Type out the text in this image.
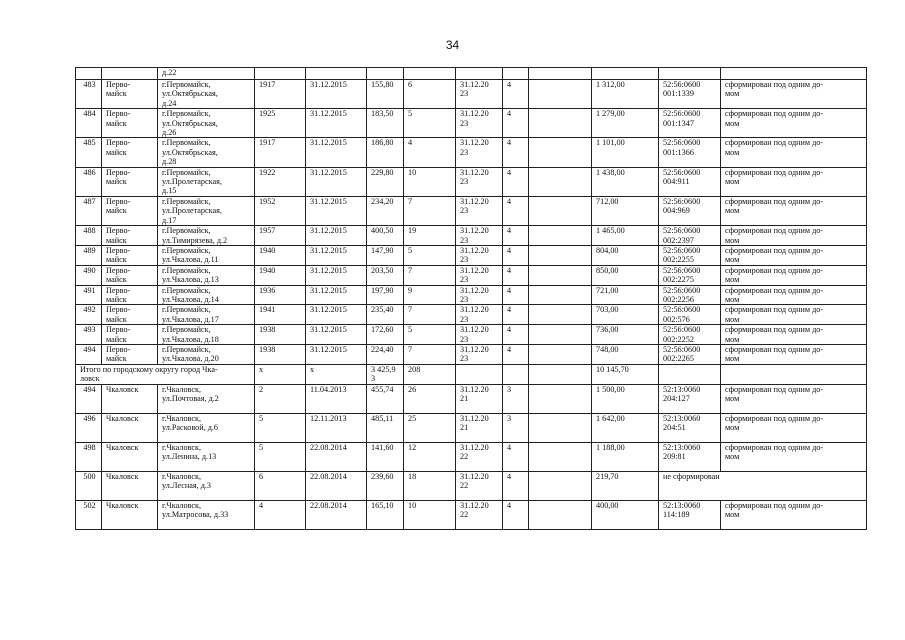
34
		д.22										
483	Перво-
майск	г.Первомайск,
ул.Октябрьская,
д.24	1917	31.12.2015	155,80	6	31.12.20
23	4		1 312,00	52:56:0600
001:1339	сформирован под одним до-
мом
484	Перво-
майск	г.Первомайск,
ул.Октябрьская,
д.26	1925	31.12.2015	183,50	5	31.12.20
23	4		1 279,00	52:56:0600
001:1347	сформирован под одним до-
мом
485	Перво-
майск	г.Первомайск,
ул.Октябрьская,
д.28	1917	31.12.2015	186,80	4	31.12.20
23	4		1 101,00	52:56:0600
001:1366	сформирован под одним до-
мом
486	Перво-
майск	г.Первомайск,
ул.Пролетарская,
д.15	1922	31.12.2015	229,80	10	31.12.20
23	4		1 438,00	52:56:0600
004:911	сформирован под одним до-
мом
487	Перво-
майск	г.Первомайск,
ул.Пролетарская,
д.17	1952	31.12.2015	234,20	7	31.12.20
23	4		712,00	52:56:0600
004:969	сформирован под одним до-
мом
488	Перво-
майск	г.Первомайск,
ул.Тимирязева, д.2	1957	31.12.2015	400,50	19	31.12.20
23	4		1 465,00	52:56:0600
002:2397	сформирован под одним до-
мом
489	Перво-
майск	г.Первомайск,
ул.Чкалова, д.11	1940	31.12.2015	147,90	5	31.12.20
23	4		804,00	52:56:0600
002:2255	сформирован под одним до-
мом
490	Перво-
майск	г.Первомайск,
ул.Чкалова, д.13	1940	31.12.2015	203,50	7	31.12.20
23	4		850,00	52:56:0600
002:2275	сформирован под одним до-
мом
491	Перво-
майск	г.Первомайск,
ул.Чкалова, д.14	1936	31.12.2015	197,90	9	31.12.20
23	4		721,00	52:56:0600
002:2256	сформирован под одним до-
мом
492	Перво-
майск	г.Первомайск,
ул.Чкалова, д.17	1941	31.12.2015	235,40	7	31.12.20
23	4		703,00	52:56:0600
002:576	сформирован под одним до-
мом
493	Перво-
майск	г.Первомайск,
ул.Чкалова, д.18	1938	31.12.2015	172,60	5	31.12.20
23	4		736,00	52:56:0600
002:2252	сформирован под одним до-
мом
494	Перво-
майск	г.Первомайск,
ул.Чкалова, д.20	1938	31.12.2015	224,40	7	31.12.20
23	4		748,00	52:56:0600
002:2265	сформирован под одним до-
мом
Итого по городскому округу город Чка-
ловск			х	х	3 425,9
3	208				10 145,70		
494	Чкаловск	г.Чкаловск,
ул.Почтовая, д.2	2	11.04.2013	455,74	26	31.12.20
21	3		1 500,00	52:13:0060
204:127	сформирован под одним до-
мом
496	Чкаловск	г.Чкаловск,
ул.Расковой, д.6	5	12.11.2013	485,11	25	31.12.20
21	3		1 642,00	52:13:0060
204:51	сформирован под одним до-
мом
498	Чкаловск	г.Чкаловск,
ул.Ленина, д.13	5	22.08.2014	141,60	12	31.12.20
22	4		1 188,00	52:13:0060
209:81	сформирован под одним до-
мом
500	Чкаловск	г.Чкаловск,
ул.Лесная, д.3	6	22.08.2014	239,60	18	31.12.20
22	4		219,70	не сформирован	
502	Чкаловск	г.Чкаловск,
ул.Матросова, д.33	4	22.08.2014	165,10	10	31.12.20
22	4		400,00	52:13:0060
114:189	сформирован под одним до-
мом
